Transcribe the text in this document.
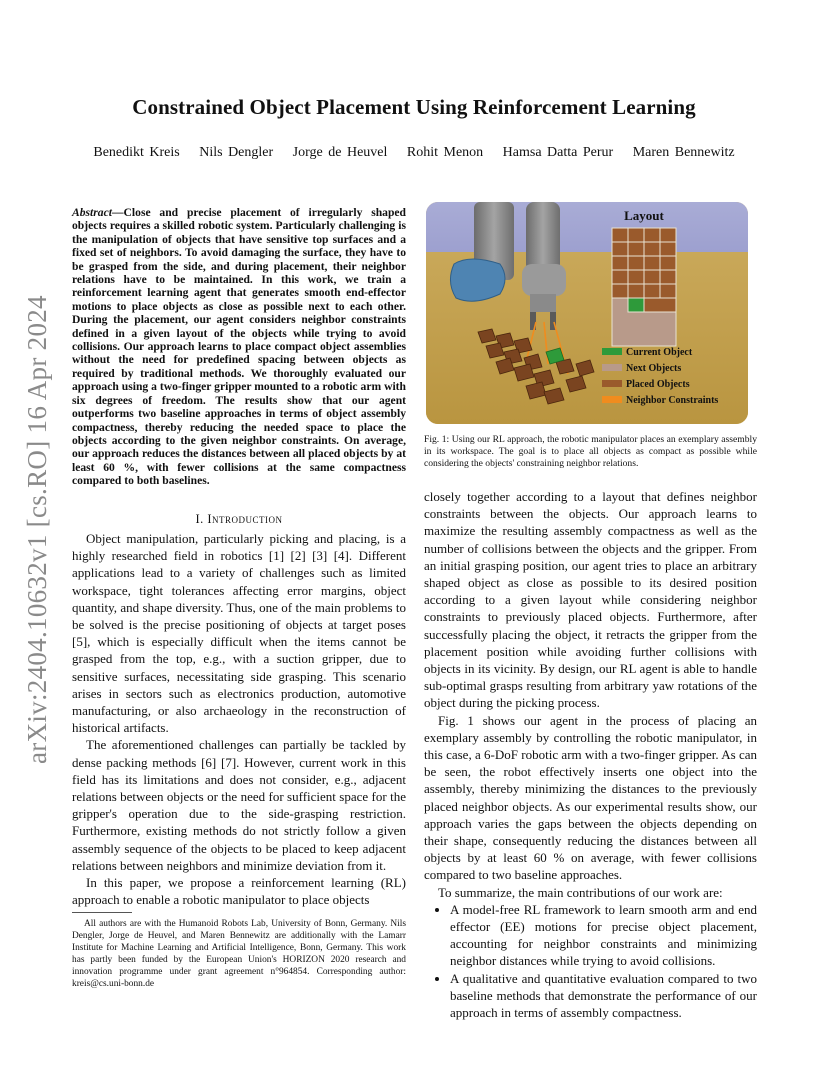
Constrained Object Placement Using Reinforcement Learning
Benedikt Kreis Nils Dengler Jorge de Heuvel Rohit Menon Hamsa Datta Perur Maren Bennewitz
arXiv:2404.10632v1 [cs.RO] 16 Apr 2024
Abstract—Close and precise placement of irregularly shaped objects requires a skilled robotic system. Particularly challenging is the manipulation of objects that have sensitive top surfaces and a fixed set of neighbors. To avoid damaging the surface, they have to be grasped from the side, and during placement, their neighbor relations have to be maintained. In this work, we train a reinforcement learning agent that generates smooth end-effector motions to place objects as close as possible next to each other. During the placement, our agent considers neighbor constraints defined in a given layout of the objects while trying to avoid collisions. Our approach learns to place compact object assemblies without the need for predefined spacing between objects as required by traditional methods. We thoroughly evaluated our approach using a two-finger gripper mounted to a robotic arm with six degrees of freedom. The results show that our agent outperforms two baseline approaches in terms of object assembly compactness, thereby reducing the needed space to place the objects according to the given neighbor constraints. On average, our approach reduces the distances between all placed objects by at least 60 %, with fewer collisions at the same compactness compared to both baselines.
I. Introduction

Object manipulation, particularly picking and placing, is a highly researched field in robotics [1] [2] [3] [4]. Different applications lead to a variety of challenges such as limited workspace, tight tolerances affecting error margins, object quantity, and shape diversity. Thus, one of the main problems to be solved is the precise positioning of objects at target poses [5], which is especially difficult when the items cannot be grasped from the top, e.g., with a suction gripper, due to sensitive surfaces, necessitating side grasping. This scenario arises in sectors such as electronics production, automotive manufacturing, or also archaeology in the reconstruction of historical artifacts.

The aforementioned challenges can partially be tackled by dense packing methods [6] [7]. However, current work in this field has its limitations and does not consider, e.g., adjacent relations between objects or the need for sufficient space for the gripper's operation due to the side-grasping restriction. Furthermore, existing methods do not strictly follow a given assembly sequence of the objects to be placed to keep adjacent relations between neighbors and minimize deviation from it.

In this paper, we propose a reinforcement learning (RL) approach to enable a robotic manipulator to place objects

All authors are with the Humanoid Robots Lab, University of Bonn, Germany. Nils Dengler, Jorge de Heuvel, and Maren Bennewitz are additionally with the Lamarr Institute for Machine Learning and Artificial Intelligence, Bonn, Germany. This work has partly been funded by the European Union's HORIZON 2020 research and innovation programme under grant agreement n°964854. Corresponding author: kreis@cs.uni-bonn.de

Layout
Current Object
Next Objects
Placed Objects
Neighbor Constraints
Fig. 1: Using our RL approach, the robotic manipulator places an exemplary assembly in its workspace. The goal is to place all objects as compact as possible while considering the objects' constraining neighbor relations.

closely together according to a layout that defines neighbor constraints between the objects. Our approach learns to maximize the resulting assembly compactness as well as the number of collisions between the objects and the gripper. From an initial grasping position, our agent tries to place an arbitrary shaped object as close as possible to its desired position according to a given layout while considering neighbor constraints to previously placed objects. Furthermore, after successfully placing the object, it retracts the gripper from the placement position while avoiding further collisions with objects in its vicinity. By design, our RL agent is able to handle sub-optimal grasps resulting from arbitrary yaw rotations of the object during the picking process.

Fig. 1 shows our agent in the process of placing an exemplary assembly by controlling the robotic manipulator, in this case, a 6-DoF robotic arm with a two-finger gripper. As can be seen, the robot effectively inserts one object into the assembly, thereby minimizing the distances to the previously placed neighbor objects. As our experimental results show, our approach varies the gaps between the objects depending on their shape, consequently reducing the distances between all objects by at least 60 % on average, with fewer collisions compared to two baseline approaches.

To summarize, the main contributions of our work are:

• A model-free RL framework to learn smooth arm and end effector (EE) motions for precise object placement, accounting for neighbor constraints and minimizing neighbor distances while trying to avoid collisions.
• A qualitative and quantitative evaluation compared to two baseline methods that demonstrate the performance of our approach in terms of assembly compactness.
